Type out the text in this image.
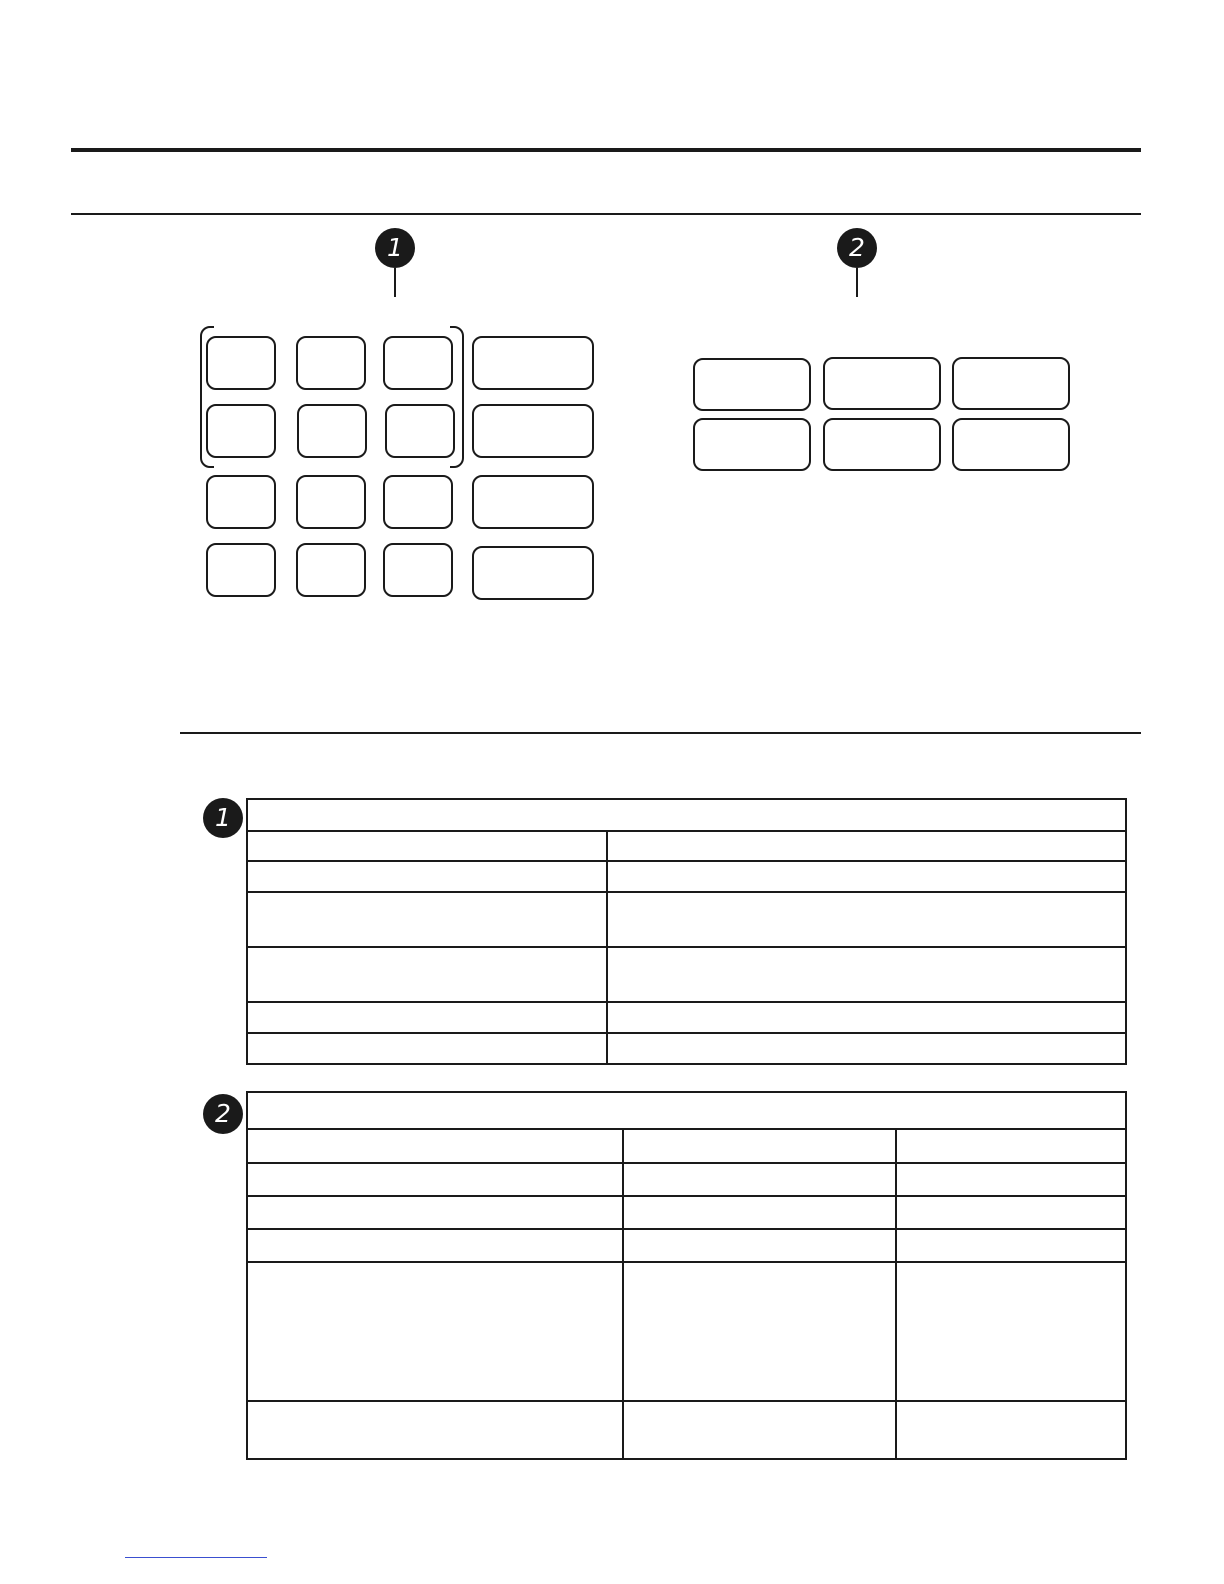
1	2
1

2
